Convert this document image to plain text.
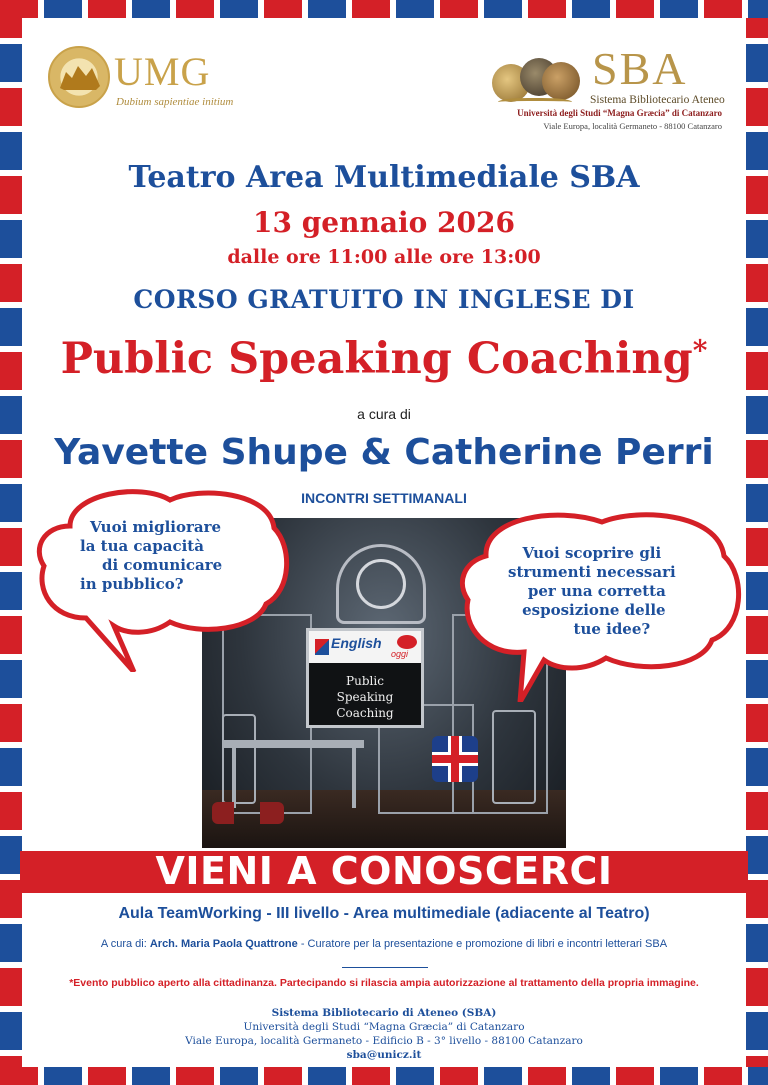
UMG
Dubium sapientiae initium
SBA
Sistema Bibliotecario Ateneo
Università degli Studi “Magna Græcia” di Catanzaro
Viale Europa, località Germaneto - 88100 Catanzaro
Teatro Area Multimediale SBA
13 gennaio 2026
dalle ore 11:00 alle ore 13:00
CORSO GRATUITO IN INGLESE DI
Public Speaking Coaching*
a cura di
Yavette Shupe & Catherine Perri
INCONTRI SETTIMANALI
English
oggi
Public
Speaking
Coaching
Vuoi migliorare
la tua capacità
di comunicare
in pubblico?
Vuoi scoprire gli
strumenti necessari
per una corretta
esposizione delle
tue idee?
VIENI A CONOSCERCI
Aula TeamWorking - III livello - Area multimediale (adiacente al Teatro)
A cura di: Arch. Maria Paola Quattrone - Curatore per la presentazione e promozione di libri e incontri letterari SBA
*Evento pubblico aperto alla cittadinanza. Partecipando si rilascia ampia autorizzazione al trattamento della propria immagine.
Sistema Bibliotecario di Ateneo (SBA)
Università degli Studi “Magna Græcia” di Catanzaro
Viale Europa, località Germaneto - Edificio B - 3° livello - 88100 Catanzaro
sba@unicz.it
